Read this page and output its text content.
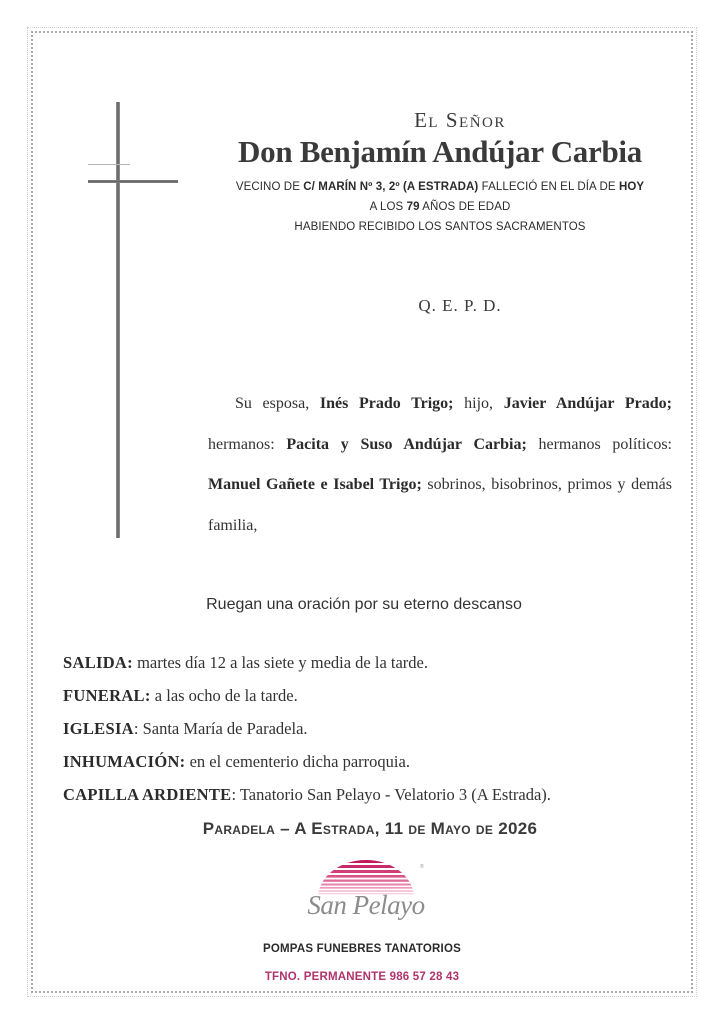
El Señor
Don Benjamín Andújar Carbia
VECINO DE C/ MARÍN Nº 3, 2º (A ESTRADA) FALLECIÓ EN EL DÍA DE HOY
A LOS 79 AÑOS DE EDAD
HABIENDO RECIBIDO LOS SANTOS SACRAMENTOS
Q. E. P. D.
Su esposa, Inés Prado Trigo; hijo, Javier Andújar Prado; hermanos: Pacita y Suso Andújar Carbia; hermanos políticos: Manuel Gañete e Isabel Trigo; sobrinos, bisobrinos, primos y demás familia,
Ruegan una oración por su eterno descanso
SALIDA: martes día 12 a las siete y media de la tarde.
FUNERAL: a las ocho de la tarde.
IGLESIA: Santa María de Paradela.
INHUMACIÓN: en el cementerio dicha parroquia.
CAPILLA ARDIENTE: Tanatorio San Pelayo - Velatorio 3 (A Estrada).
Paradela – A Estrada, 11 de Mayo de 2026
®
San Pelayo
POMPAS FUNEBRES TANATORIOS
TFNO. PERMANENTE 986 57 28 43
